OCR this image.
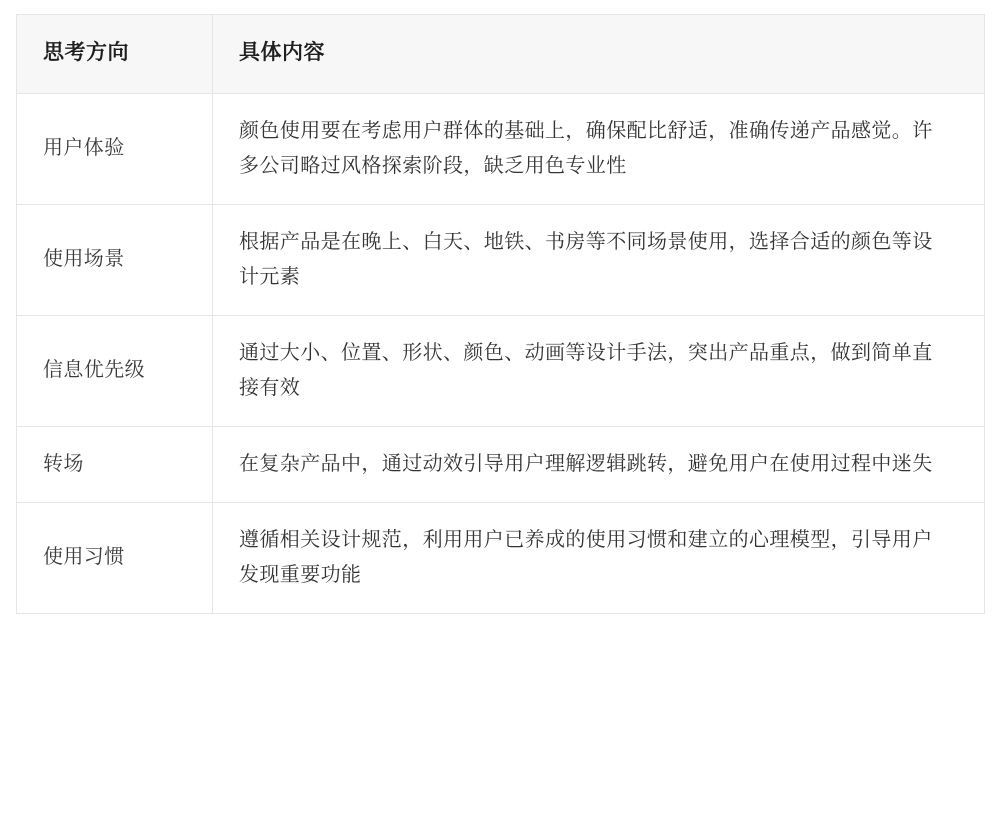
思考方向	具体内容
用户体验	颜色使用要在考虑用户群体的基础上，确保配比舒适，准确传递产品感觉。许多公司略过风格探索阶段，缺乏用色专业性
使用场景	根据产品是在晚上、白天、地铁、书房等不同场景使用，选择合适的颜色等设计元素
信息优先级	通过大小、位置、形状、颜色、动画等设计手法，突出产品重点，做到简单直接有效
转场	在复杂产品中，通过动效引导用户理解逻辑跳转，避免用户在使用过程中迷失
使用习惯	遵循相关设计规范，利用用户已养成的使用习惯和建立的心理模型，引导用户发现重要功能
